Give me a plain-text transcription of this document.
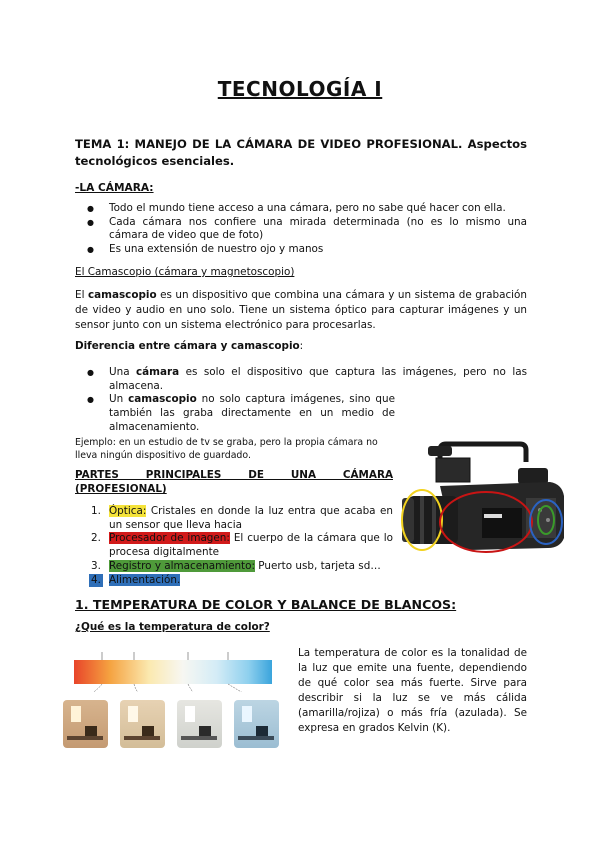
TECNOLOGÍA I
TEMA 1: MANEJO DE LA CÁMARA DE VIDEO PROFESIONAL. Aspectos tecnológicos esenciales.
-LA CÁMARA:
● Todo el mundo tiene acceso a una cámara, pero no sabe qué hacer con ella.
● Cada cámara nos confiere una mirada determinada (no es lo mismo una cámara de video que de foto)
● Es una extensión de nuestro ojo y manos
El Camascopio (cámara y magnetoscopio)
El camascopio es un dispositivo que combina una cámara y un sistema de grabación de video y audio en uno solo. Tiene un sistema óptico para capturar imágenes y un sensor junto con un sistema electrónico para procesarlas.
Diferencia entre cámara y camascopio:
● Una cámara es solo el dispositivo que captura las imágenes, pero no las almacena.
● Un camascopio no solo captura imágenes, sino que también las graba directamente en un medio de almacenamiento.
Ejemplo: en un estudio de tv se graba, pero la propia cámara no lleva ningún dispositivo de guardado.
PARTES PRINCIPALES DE UNA CÁMARA
(PROFESIONAL)
1. Óptica: Cristales en donde la luz entra que acaba en un sensor que lleva hacia
2. Procesador de imagen: El cuerpo de la cámara que lo procesa digitalmente
3. Registro y almacenamiento: Puerto usb, tarjeta sd…
4. Alimentación.
1. TEMPERATURA DE COLOR Y BALANCE DE BLANCOS:
¿Qué es la temperatura de color?
La temperatura de color es la tonalidad de la luz que emite una fuente, dependiendo de qué color sea más fuerte. Sirve para describir si la luz se ve más cálida (amarilla/rojiza) o más fría (azulada). Se expresa en grados Kelvin (K).
